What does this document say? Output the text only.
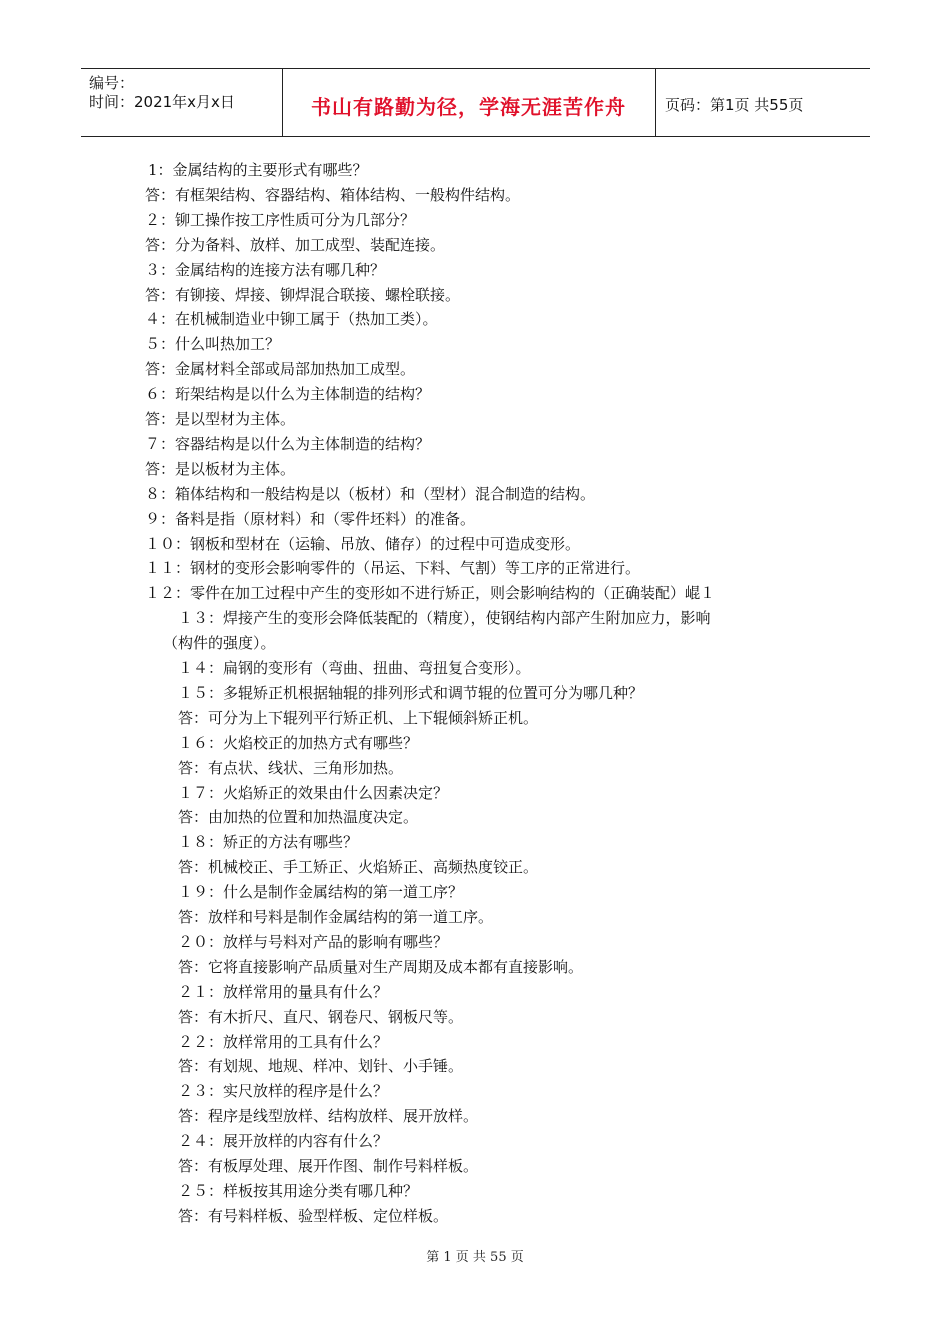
编号：
时间：2021年x月x日	书山有路勤为径，学海无涯苦作舟	页码：第1页 共55页
1：金属结构的主要形式有哪些？
答：有框架结构、容器结构、箱体结构、一般构件结构。
２：铆工操作按工序性质可分为几部分？
答：分为备料、放样、加工成型、装配连接。
３：金属结构的连接方法有哪几种？
答：有铆接、焊接、铆焊混合联接、螺栓联接。
４：在机械制造业中铆工属于（热加工类）。
５：什么叫热加工？
答：金属材料全部或局部加热加工成型。
６：珩架结构是以什么为主体制造的结构？
答：是以型材为主体。
７：容器结构是以什么为主体制造的结构？
答：是以板材为主体。
８：箱体结构和一般结构是以（板材）和（型材）混合制造的结构。
９：备料是指（原材料）和（零件坯料）的准备。
１０：钢板和型材在（运输、吊放、储存）的过程中可造成变形。
１１：钢材的变形会影响零件的（吊运、下料、气割）等工序的正常进行。
１２：零件在加工过程中产生的变形如不进行矫正，则会影响结构的（正确装配）崐１
１３：焊接产生的变形会降低装配的（精度），使钢结构内部产生附加应力，影响
（构件的强度）。
１４：扁钢的变形有（弯曲、扭曲、弯扭复合变形）。
１５：多辊矫正机根据轴辊的排列形式和调节辊的位置可分为哪几种？
答：可分为上下辊列平行矫正机、上下辊倾斜矫正机。
１６：火焰校正的加热方式有哪些？
答：有点状、线状、三角形加热。
１７：火焰矫正的效果由什么因素决定？
答：由加热的位置和加热温度决定。
１８：矫正的方法有哪些？
答：机械校正、手工矫正、火焰矫正、高频热度铰正。
１９：什么是制作金属结构的第一道工序？
答：放样和号料是制作金属结构的第一道工序。
２０：放样与号料对产品的影响有哪些？
答：它将直接影响产品质量对生产周期及成本都有直接影响。
２１：放样常用的量具有什么？
答：有木折尺、直尺、钢卷尺、钢板尺等。
２２：放样常用的工具有什么？
答：有划规、地规、样冲、划针、小手锤。
２３：实尺放样的程序是什么？
答：程序是线型放样、结构放样、展开放样。
２４：展开放样的内容有什么？
答：有板厚处理、展开作图、制作号料样板。
２５：样板按其用途分类有哪几种？
答：有号料样板、验型样板、定位样板。
第 1 页 共 55 页
